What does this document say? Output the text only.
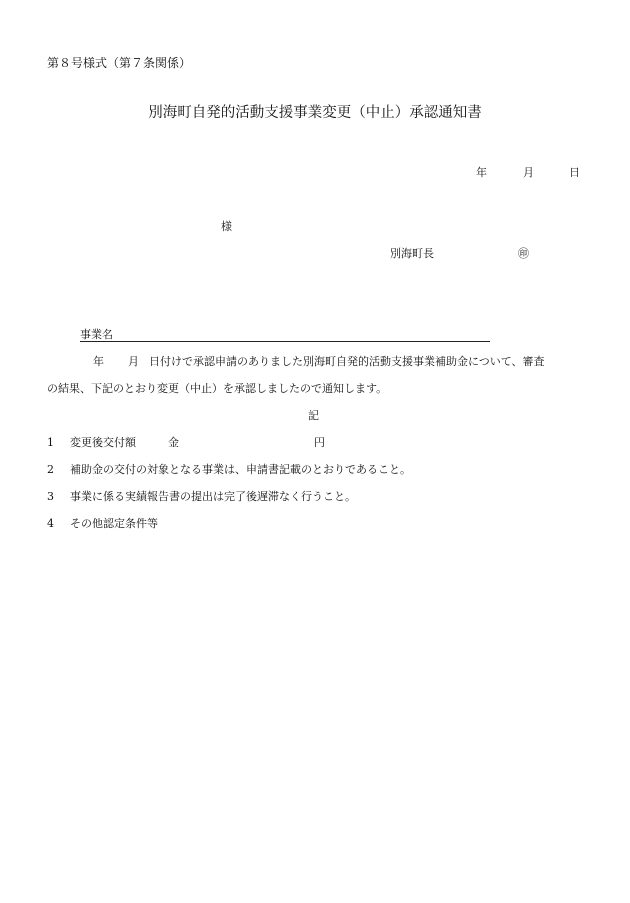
第８号様式（第７条関係）
別海町自発的活動支援事業変更（中止）承認通知書
年	月	日
様
別海町長	㊞
事業名
年 月 日付けで承認申請のありました別海町自発的活動支援事業補助金について、審査
の結果、下記のとおり変更（中止）を承認しましたので通知します。
記
1 変更後交付額	金	円
2 補助金の交付の対象となる事業は、申請書記載のとおりであること。
3 事業に係る実績報告書の提出は完了後遅滞なく行うこと。
4 その他認定条件等
